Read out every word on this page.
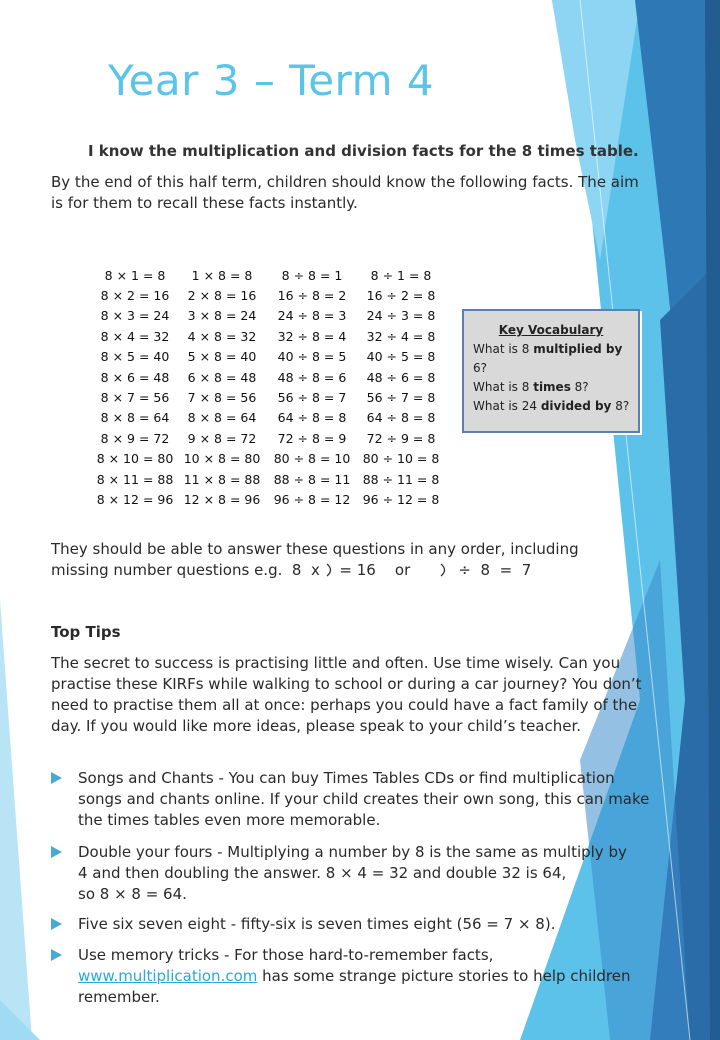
Year 3 – Term 4
I know the multiplication and division facts for the 8 times table.
By the end of this half term, children should know the following facts. The aim is for them to recall these facts instantly.
8 × 1 = 8	1 × 8 = 8	8 ÷ 8 = 1	8 ÷ 1 = 8
8 × 2 = 16	2 × 8 = 16	16 ÷ 8 = 2	16 ÷ 2 = 8
8 × 3 = 24	3 × 8 = 24	24 ÷ 8 = 3	24 ÷ 3 = 8
8 × 4 = 32	4 × 8 = 32	32 ÷ 8 = 4	32 ÷ 4 = 8
8 × 5 = 40	5 × 8 = 40	40 ÷ 8 = 5	40 ÷ 5 = 8
8 × 6 = 48	6 × 8 = 48	48 ÷ 8 = 6	48 ÷ 6 = 8
8 × 7 = 56	7 × 8 = 56	56 ÷ 8 = 7	56 ÷ 7 = 8
8 × 8 = 64	8 × 8 = 64	64 ÷ 8 = 8	64 ÷ 8 = 8
8 × 9 = 72	9 × 8 = 72	72 ÷ 8 = 9	72 ÷ 9 = 8
8 × 10 = 80	10 × 8 = 80	80 ÷ 8 = 10	80 ÷ 10 = 8
8 × 11 = 88	11 × 8 = 88	88 ÷ 8 = 11	88 ÷ 11 = 8
8 × 12 = 96	12 × 8 = 96	96 ÷ 8 = 12	96 ÷ 12 = 8
Key Vocabulary
What is 8 multiplied by 6?
What is 8 times 8?
What is 24 divided by 8?
They should be able to answer these questions in any order, including
missing number questions e.g.  8  x = 16    or	÷  8  =  7
Top Tips
The secret to success is practising little and often. Use time wisely. Can you practise these KIRFs while walking to school or during a car journey? You don’t need to practise them all at once: perhaps you could have a fact family of the day. If you would like more ideas, please speak to your child’s teacher.
Songs and Chants - You can buy Times Tables CDs or find multiplication songs and chants online. If your child creates their own song, this can make the times tables even more memorable.
Double your fours - Multiplying a number by 8 is the same as multiply by
4 and then doubling the answer. 8 × 4 = 32 and double 32 is 64,
so 8 × 8 = 64.
Five six seven eight - fifty-six is seven times eight (56 = 7 × 8).
Use memory tricks - For those hard-to-remember facts,
www.multiplication.com has some strange picture stories to help children remember.
